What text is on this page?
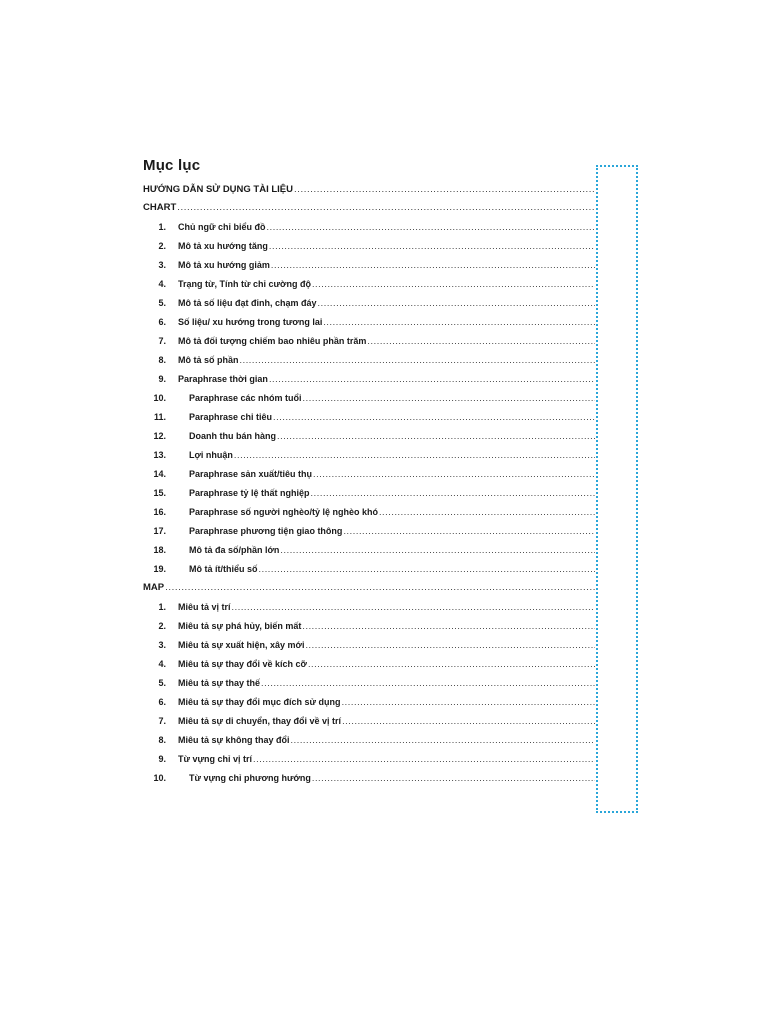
Mục lục
HƯỚNG DẪN SỬ DỤNG TÀI LIỆU
.....
CHART
.....
1. Chủ ngữ chỉ biểu đồ
.....
2. Mô tả xu hướng tăng
.....
3. Mô tả xu hướng giảm
.....
4. Trạng từ, Tính từ chỉ cường độ
.....
5. Mô tả số liệu đạt đỉnh, chạm đáy
.....
6. Số liệu/ xu hướng trong tương lai
.....
7. Mô tả đối tượng chiếm bao nhiêu phần trăm
.....
8. Mô tả số phần
.....
9. Paraphrase thời gian
.....
10.	Paraphrase các nhóm tuổi
.....
11.	Paraphrase chi tiêu
.....
12.	Doanh thu bán hàng
.....
13.	Lợi nhuận
.....
14.	Paraphrase sản xuất/tiêu thụ
.....
15.	Paraphrase tỷ lệ thất nghiệp
.....
16.	Paraphrase số người nghèo/tỷ lệ nghèo khó
.....
17.	Paraphrase phương tiện giao thông
.....
18.	Mô tả đa số/phần lớn
.....
19.	Mô tả ít/thiểu số
.....
MAP
.....
1. Miêu tả vị trí
.....
2. Miêu tả sự phá hủy, biến mất
.....
3. Miêu tả sự xuất hiện, xây mới
.....
4. Miêu tả sự thay đổi về kích cỡ
.....
5. Miêu tả sự thay thế
.....
6. Miêu tả sự thay đổi mục đích sử dụng
.....
7. Miêu tả sự di chuyển, thay đổi về vị trí
.....
8. Miêu tả sự không thay đổi
.....
9. Từ vựng chỉ vị trí
.....
10.	Từ vựng chỉ phương hướng
.....
